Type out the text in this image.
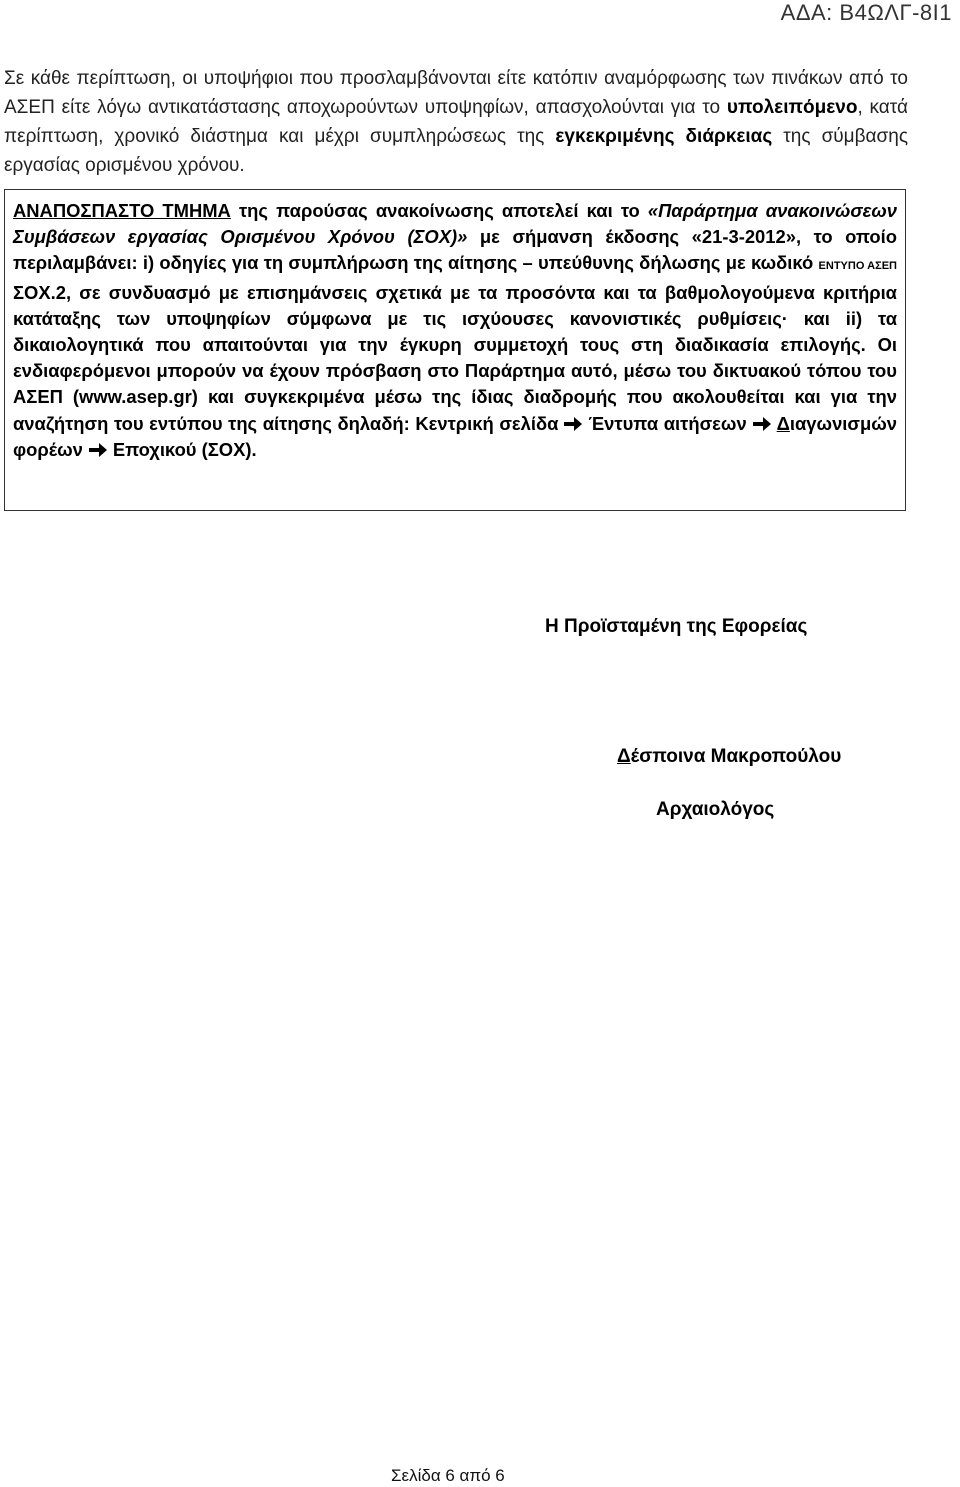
ΑΔΑ: Β4ΩΛΓ-8Ι1
Σε κάθε περίπτωση, οι υποψήφιοι που προσλαμβάνονται είτε κατόπιν αναμόρφωσης των πινάκων από το ΑΣΕΠ είτε λόγω αντικατάστασης αποχωρούντων υποψηφίων, απασχολούνται για το υπολειπόμενο, κατά περίπτωση, χρονικό διάστημα και μέχρι συμπληρώσεως της εγκεκριμένης διάρκειας της σύμβασης εργασίας ορισμένου χρόνου.
ΑΝΑΠΟΣΠΑΣΤΟ ΤΜΗΜΑ της παρούσας ανακοίνωσης αποτελεί και το «Παράρτημα ανακοινώσεων Συμβάσεων εργασίας Ορισμένου Χρόνου (ΣΟΧ)» με σήμανση έκδοσης «21-3-2012», το οποίο περιλαμβάνει: i) οδηγίες για τη συμπλήρωση της αίτησης – υπεύθυνης δήλωσης με κωδικό ΕΝΤΥΠΟ ΑΣΕΠ ΣΟΧ.2, σε συνδυασμό με επισημάνσεις σχετικά με τα προσόντα και τα βαθμολογούμενα κριτήρια κατάταξης των υποψηφίων σύμφωνα με τις ισχύουσες κανονιστικές ρυθμίσεις· και ii) τα δικαιολογητικά που απαιτούνται για την έγκυρη συμμετοχή τους στη διαδικασία επιλογής. Οι ενδιαφερόμενοι μπορούν να έχουν πρόσβαση στο Παράρτημα αυτό, μέσω του δικτυακού τόπου του ΑΣΕΠ (www.asep.gr) και συγκεκριμένα μέσω της ίδιας διαδρομής που ακολουθείται και για την αναζήτηση του εντύπου της αίτησης δηλαδή: Κεντρική σελίδα Έντυπα αιτήσεων Διαγωνισμών φορέων Εποχικού (ΣΟΧ).
Η Προϊσταμένη της Εφορείας
Δέσποινα Μακροπούλου
Αρχαιολόγος
Σελίδα 6 από 6
